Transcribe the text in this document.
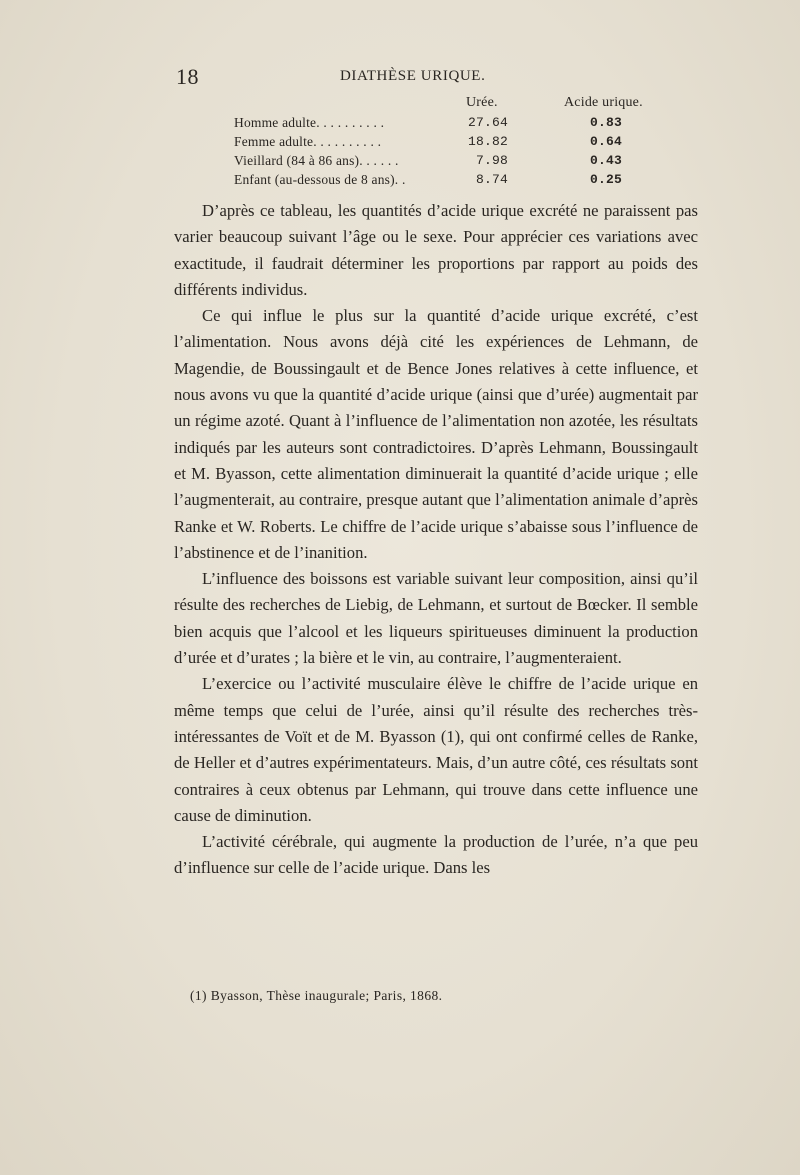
18	DIATHÈSE URIQUE.
Urée.	Acide urique.
Homme adulte. . . . . . . . . .	27.64	0.83
Femme adulte. . . . . . . . . .	18.82	0.64
Vieillard (84 à 86 ans). . . . . .	7.98	0.43
Enfant (au-dessous de 8 ans). .	8.74	0.25

D’après ce tableau, les quantités d’acide urique excrété ne paraissent pas varier beaucoup suivant l’âge ou le sexe. Pour apprécier ces variations avec exactitude, il faudrait déterminer les proportions par rapport au poids des différents individus.

Ce qui influe le plus sur la quantité d’acide urique excrété, c’est l’alimentation. Nous avons déjà cité les expériences de Lehmann, de Magendie, de Boussingault et de Bence Jones relatives à cette influence, et nous avons vu que la quantité d’acide urique (ainsi que d’urée) augmentait par un régime azoté. Quant à l’influence de l’alimentation non azotée, les résultats indiqués par les auteurs sont contradictoires. D’après Lehmann, Boussingault et M. Byasson, cette alimentation diminuerait la quantité d’acide urique ; elle l’augmenterait, au contraire, presque autant que l’alimentation animale d’après Ranke et W. Roberts. Le chiffre de l’acide urique s’abaisse sous l’influence de l’abstinence et de l’inanition.

L’influence des boissons est variable suivant leur composition, ainsi qu’il résulte des recherches de Liebig, de Lehmann, et surtout de Bœcker. Il semble bien acquis que l’alcool et les liqueurs spiritueuses diminuent la production d’urée et d’urates ; la bière et le vin, au contraire, l’augmenteraient.

L’exercice ou l’activité musculaire élève le chiffre de l’acide urique en même temps que celui de l’urée, ainsi qu’il résulte des recherches très-intéressantes de Voït et de M. Byasson (1), qui ont confirmé celles de Ranke, de Heller et d’autres expérimentateurs. Mais, d’un autre côté, ces résultats sont contraires à ceux obtenus par Lehmann, qui trouve dans cette influence une cause de diminution.

L’activité cérébrale, qui augmente la production de l’urée, n’a que peu d’influence sur celle de l’acide urique. Dans les

(1) Byasson, Thèse inaugurale; Paris, 1868.
